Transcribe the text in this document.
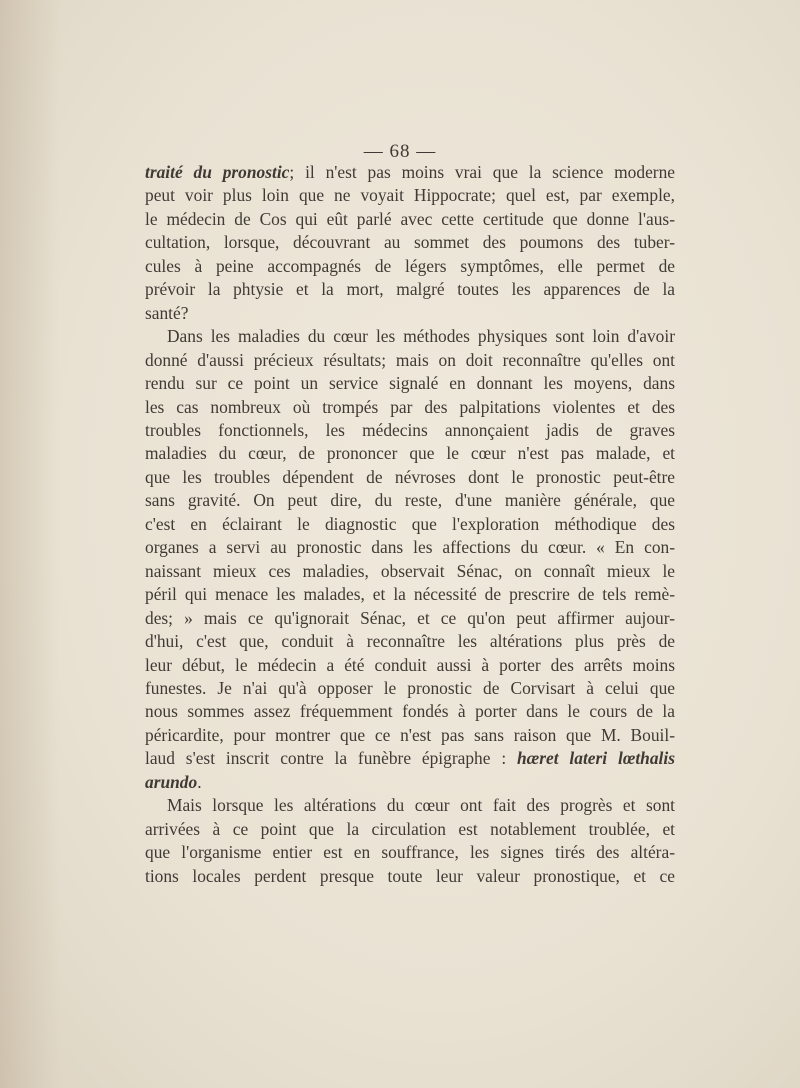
— 68 —
traité du pronostic; il n'est pas moins vrai que la science moderne
peut voir plus loin que ne voyait Hippocrate; quel est, par exemple,
le médecin de Cos qui eût parlé avec cette certitude que donne l'aus-
cultation, lorsque, découvrant au sommet des poumons des tuber-
cules à peine accompagnés de légers symptômes, elle permet de
prévoir la phtysie et la mort, malgré toutes les apparences de la
santé?
Dans les maladies du cœur les méthodes physiques sont loin d'avoir
donné d'aussi précieux résultats; mais on doit reconnaître qu'elles ont
rendu sur ce point un service signalé en donnant les moyens, dans
les cas nombreux où trompés par des palpitations violentes et des
troubles fonctionnels, les médecins annonçaient jadis de graves
maladies du cœur, de prononcer que le cœur n'est pas malade, et
que les troubles dépendent de névroses dont le pronostic peut-être
sans gravité. On peut dire, du reste, d'une manière générale, que
c'est en éclairant le diagnostic que l'exploration méthodique des
organes a servi au pronostic dans les affections du cœur. « En con-
naissant mieux ces maladies, observait Sénac, on connaît mieux le
péril qui menace les malades, et la nécessité de prescrire de tels remè-
des; » mais ce qu'ignorait Sénac, et ce qu'on peut affirmer aujour-
d'hui, c'est que, conduit à reconnaître les altérations plus près de
leur début, le médecin a été conduit aussi à porter des arrêts moins
funestes. Je n'ai qu'à opposer le pronostic de Corvisart à celui que
nous sommes assez fréquemment fondés à porter dans le cours de la
péricardite, pour montrer que ce n'est pas sans raison que M. Bouil-
laud s'est inscrit contre la funèbre épigraphe : hæret lateri lœthalis
arundo.
Mais lorsque les altérations du cœur ont fait des progrès et sont
arrivées à ce point que la circulation est notablement troublée, et
que l'organisme entier est en souffrance, les signes tirés des altéra-
tions locales perdent presque toute leur valeur pronostique, et ce
